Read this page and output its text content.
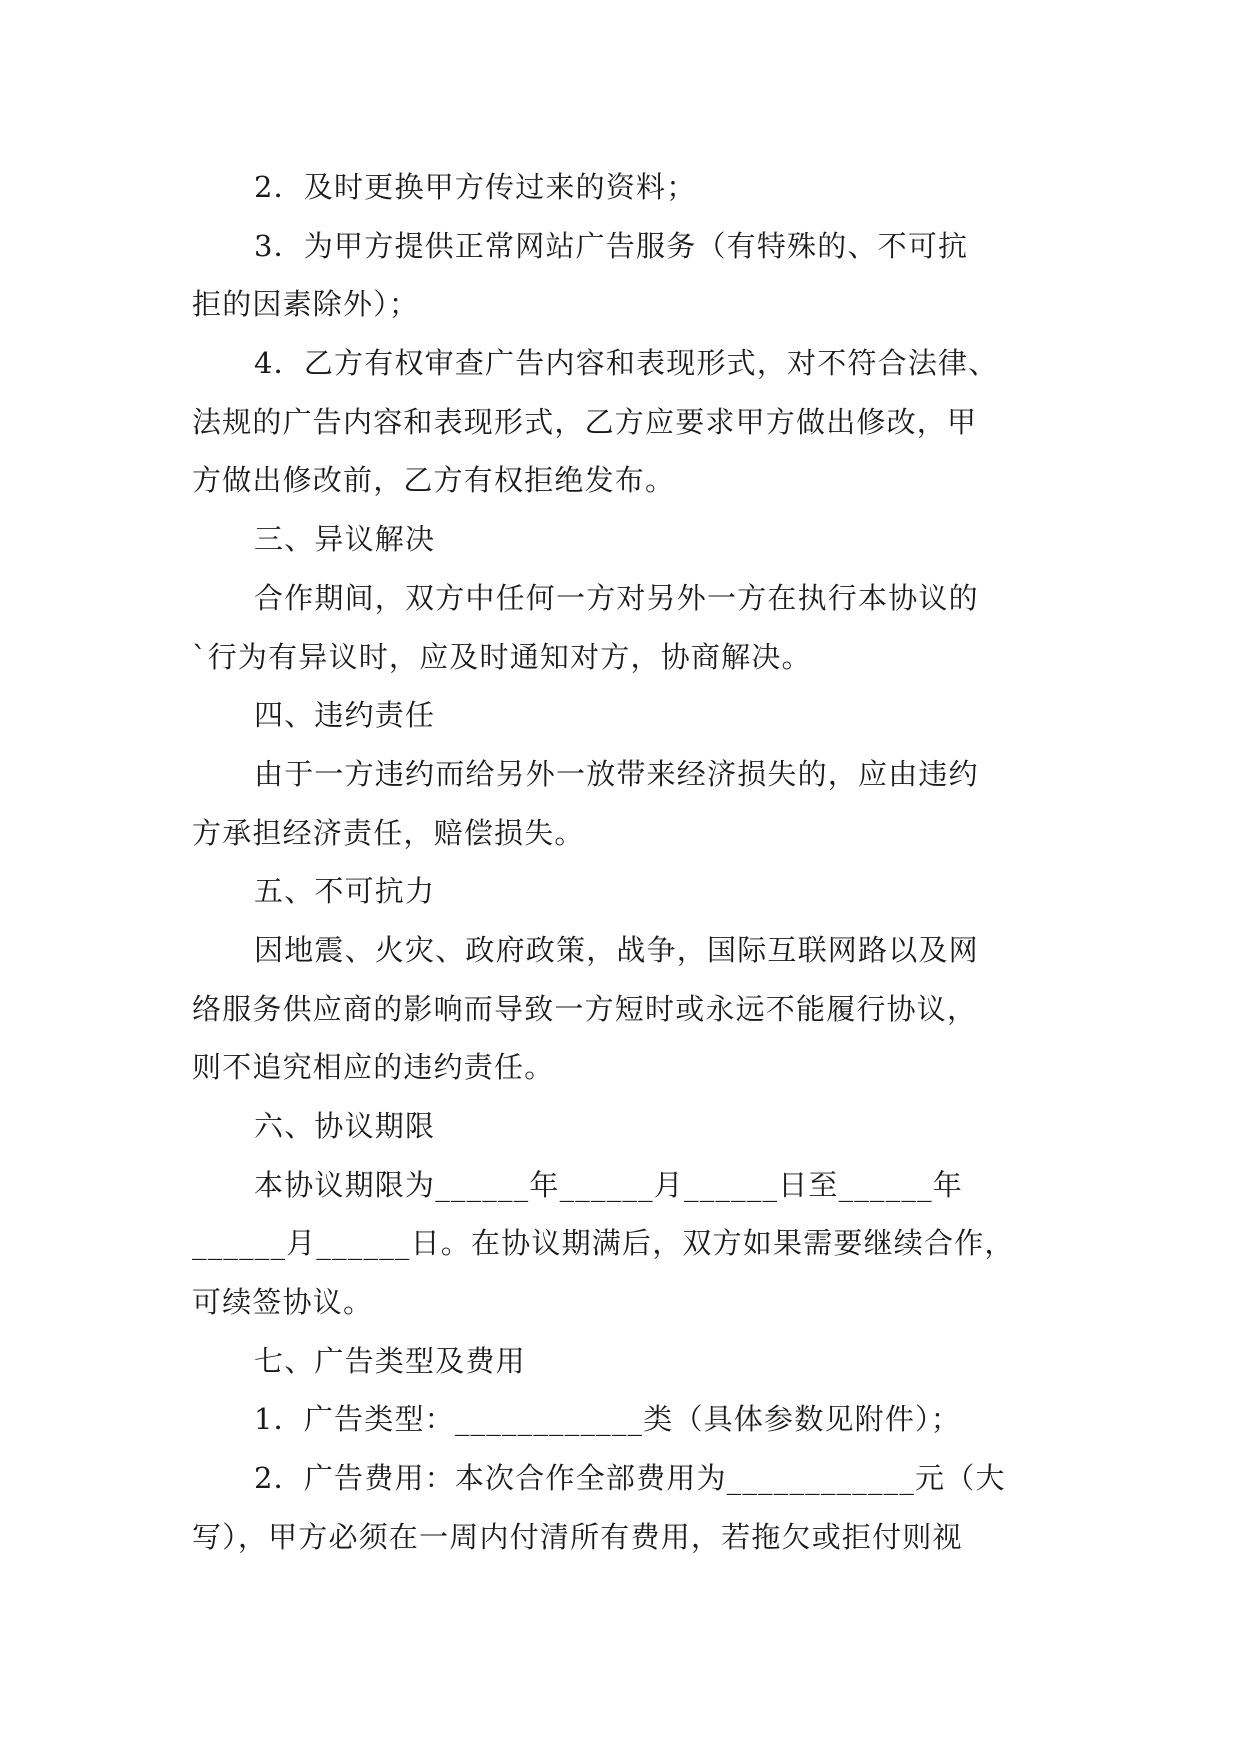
2．及时更换甲方传过来的资料；
3．为甲方提供正常网站广告服务（有特殊的、不可抗
拒的因素除外）；
4．乙方有权审查广告内容和表现形式，对不符合法律、
法规的广告内容和表现形式，乙方应要求甲方做出修改，甲
方做出修改前，乙方有权拒绝发布。
三、异议解决
合作期间，双方中任何一方对另外一方在执行本协议的
`行为有异议时，应及时通知对方，协商解决。
四、违约责任
由于一方违约而给另外一放带来经济损失的，应由违约
方承担经济责任，赔偿损失。
五、不可抗力
因地震、火灾、政府政策，战争，国际互联网路以及网
络服务供应商的影响而导致一方短时或永远不能履行协议，
则不追究相应的违约责任。
六、协议期限
本协议期限为______年______月______日至______年
______月______日。在协议期满后，双方如果需要继续合作，
可续签协议。
七、广告类型及费用
1．广告类型：____________类（具体参数见附件）；
2．广告费用：本次合作全部费用为____________元（大
写），甲方必须在一周内付清所有费用，若拖欠或拒付则视
